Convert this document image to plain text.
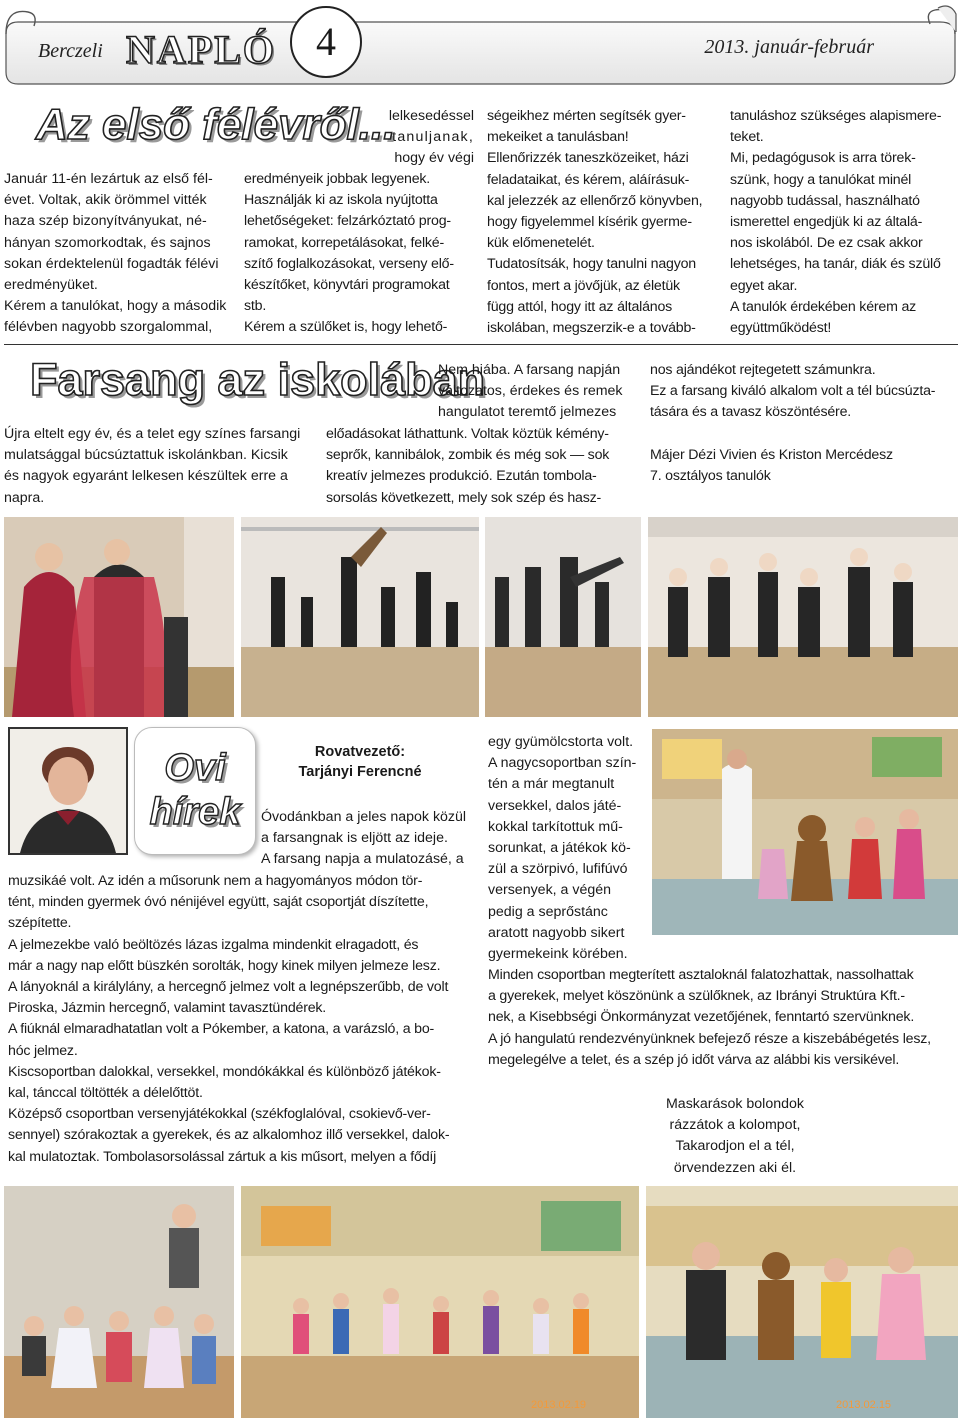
Berczeli NAPLÓ	4	2013. január-február
Az első félévről...

Január 11-én lezártuk az első fél-

évet. Voltak, akik örömmel vitték

haza szép bizonyítványukat, né-

hányan szomorkodtak, és sajnos

sokan érdektelenül fogadták félévi

eredményüket.

Kérem a tanulókat, hogy a második

félévben nagyobb szorgalommal,

lelkesedéssel

tanuljanak,

hogy év végi

eredményeik jobbak legyenek.

Használják ki az iskola nyújtotta

lehetőségeket: felzárkóztató prog-

ramokat, korrepetálásokat, felké-

szítő foglalkozásokat, verseny elő-

készítőket, könyvtári programokat

stb.

Kérem a szülőket is, hogy lehető-

ségeikhez mérten segítsék gyer-

mekeiket a tanulásban!

Ellenőrizzék taneszközeiket, házi

feladataikat, és kérem, aláírásuk-

kal jelezzék az ellenőrző könyvben,

hogy figyelemmel kísérik gyerme-

kük előmenetelét.

Tudatosítsák, hogy tanulni nagyon

fontos, mert a jövőjük, az életük

függ attól, hogy itt az általános

iskolában, megszerzik-e a tovább-

tanuláshoz szükséges alapismere-

teket.

Mi, pedagógusok is arra törek-

szünk, hogy a tanulókat minél

nagyobb tudással, használható

ismerettel engedjük ki az általá-

nos iskolából. De ez csak akkor

lehetséges, ha tanár, diák és szülő

egyet akar.

A tanulók érdekében kérem az

együttműködést!

Farsang az iskolában

Újra eltelt egy év, és a telet egy színes farsangi

mulatsággal búcsúztattuk iskolánkban. Kicsik

és nagyok egyaránt lelkesen készültek erre a

napra.

Nem hiába. A farsang napján

változatos, érdekes és remek

hangulatot teremtő jelmezes

előadásokat láthattunk. Voltak köztük kémény-

seprők, kannibálok, zombik és még sok — sok

kreatív jelmezes produkció. Ezután tombola-

sorsolás következett, mely sok szép és hasz-

nos ajándékot rejtegetett számunkra.

Ez a farsang kiváló alkalom volt a tél búcsúzta-

tására és a tavasz köszöntésére.

Májer Dézi Vivien és Kriston Mercédesz

7. osztályos tanulók

Ovi
hírek
Rovatvezető:
Tarjányi Ferencné

Óvodánkban a jeles napok közül

a farsangnak is eljött az ideje.

A farsang napja a mulatozásé, a

muzsikáé volt. Az idén a műsorunk nem a hagyományos módon tör-

tént, minden gyermek óvó nénijével együtt, saját csoportját díszítette,

szépítette.

A jelmezekbe való beöltözés lázas izgalma mindenkit elragadott, és

már a nagy nap előtt büszkén sorolták, hogy kinek milyen jelmeze lesz.

A lányoknál a királylány, a hercegnő jelmez volt a legnépszerűbb, de volt

Piroska, Jázmin hercegnő, valamint tavasztündérek.

A fiúknál elmaradhatatlan volt a Pókember, a katona, a varázsló, a bo-

hóc jelmez.

Kiscsoportban dalokkal, versekkel, mondókákkal és különböző játékok-

kal, tánccal töltötték a délelőttöt.

Középső csoportban versenyjátékokkal (székfoglalóval, csokievő-ver-

sennyel) szórakoztak a gyerekek, és az alkalomhoz illő versekkel, dalok-

kal mulatoztak. Tombolasorsolással zártuk a kis műsort, melyen a fődíj

egy gyümölcstorta volt.

A nagycsoportban szín-

tén a már megtanult

versekkel, dalos játé-

kokkal tarkítottuk mű-

sorunkat, a játékok kö-

zül a szörpivó, lufifúvó

versenyek, a végén

pedig a seprőstánc

aratott nagyobb sikert

gyermekeink körében.

Minden csoportban megterített asztaloknál falatozhattak, nassolhattak

a gyerekek, melyet köszönünk a szülőknek, az Ibrányi Struktúra Kft.-

nek, a Kisebbségi Önkormányzat vezetőjének, fenntartó szervünknek.

A jó hangulatú rendezvényünknek befejező része a kiszebábégetés lesz,

megelegélve a telet, és a szép jó időt várva az alábbi kis versikével.

Maskarások bolondok
rázzátok a kolompot,
Takarodjon el a tél,
örvendezzen aki él.
2013.02.19	2013.02.15
